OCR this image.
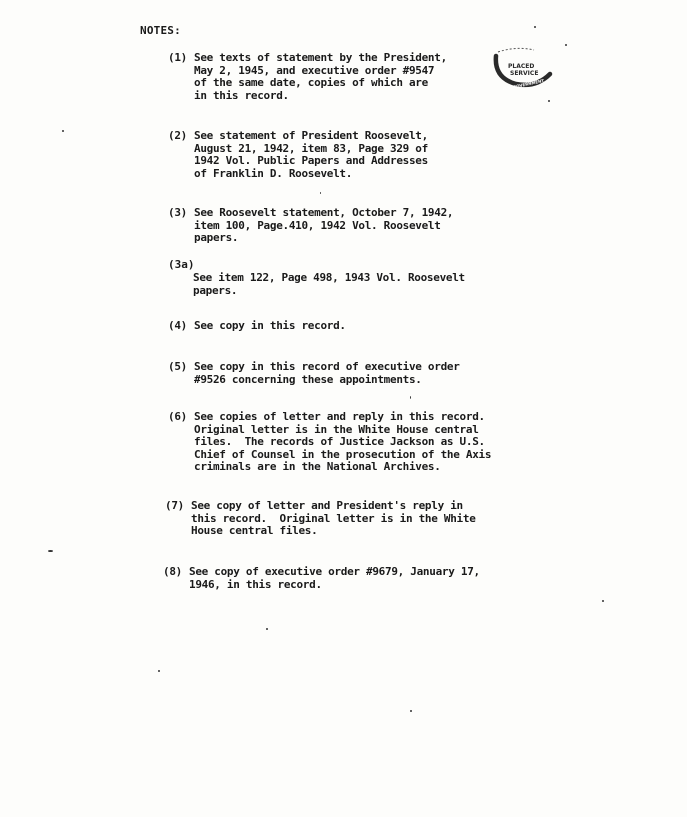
NOTES:
PLACED
SERVICE
U.S. GOVERNMENT
(1) See texts of statement by the President,
May 2, 1945, and executive order #9547
of the same date, copies of which are
in this record.
(2) See statement of President Roosevelt,
August 21, 1942, item 83, Page 329 of
1942 Vol. Public Papers and Addresses
of Franklin D. Roosevelt.
(3) See Roosevelt statement, October 7, 1942,
item 100, Page.410, 1942 Vol. Roosevelt
papers.
(3a)
See item 122, Page 498, 1943 Vol. Roosevelt
papers.
(4) See copy in this record.
(5) See copy in this record of executive order
#9526 concerning these appointments.
(6) See copies of letter and reply in this record.
Original letter is in the White House central
files.  The records of Justice Jackson as U.S.
Chief of Counsel in the prosecution of the Axis
criminals are in the National Archives.
(7) See copy of letter and President's reply in
this record.  Original letter is in the White
House central files.
(8) See copy of executive order #9679, January 17,
1946, in this record.
